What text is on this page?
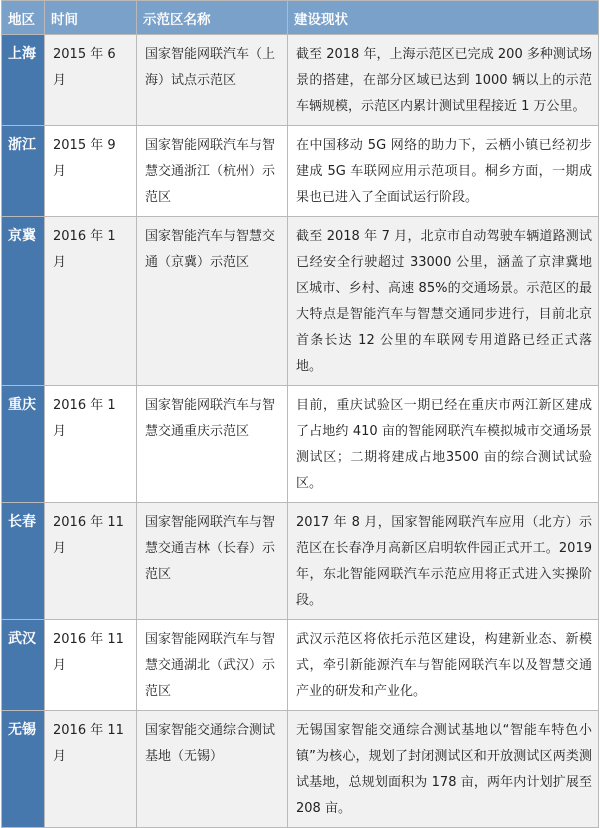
地区	时间	示范区名称	建设现状
上海	2015 年 6 月	国家智能网联汽车（上海）试点示范区	截至 2018 年，上海示范区已完成 200 多种测试场景的搭建，在部分区域已达到 1000 辆以上的示范车辆规模，示范区内累计测试里程接近 1 万公里。
浙江	2015 年 9 月	国家智能网联汽车与智慧交通浙江（杭州）示范区	在中国移动 5G 网络的助力下，云栖小镇已经初步建成 5G 车联网应用示范项目。桐乡方面，一期成果也已进入了全面试运行阶段。
京冀	2016 年 1 月	国家智能汽车与智慧交通（京冀）示范区	截至 2018 年 7 月，北京市自动驾驶车辆道路测试已经安全行驶超过 33000 公里，涵盖了京津冀地区城市、乡村、高速 85%的交通场景。示范区的最大特点是智能汽车与智慧交通同步进行，目前北京首条长达 12 公里的车联网专用道路已经正式落地。
重庆	2016 年 1 月	国家智能网联汽车与智慧交通重庆示范区	目前，重庆试验区一期已经在重庆市两江新区建成了占地约 410 亩的智能网联汽车模拟城市交通场景测试区；二期将建成占地3500 亩的综合测试试验区。
长春	2016 年 11 月	国家智能网联汽车与智慧交通吉林（长春）示范区	2017 年 8 月，国家智能网联汽车应用（北方）示范区在长春净月高新区启明软件园正式开工。2019年，东北智能网联汽车示范应用将正式进入实操阶段。
武汉	2016 年 11 月	国家智能网联汽车与智慧交通湖北（武汉）示范区	武汉示范区将依托示范区建设，构建新业态、新模式，牵引新能源汽车与智能网联汽车以及智慧交通产业的研发和产业化。
无锡	2016 年 11 月	国家智能交通综合测试基地（无锡）	无锡国家智能交通综合测试基地以“智能车特色小镇”为核心，规划了封闭测试区和开放测试区两类测试基地，总规划面积为 178 亩，两年内计划扩展至 208 亩。
